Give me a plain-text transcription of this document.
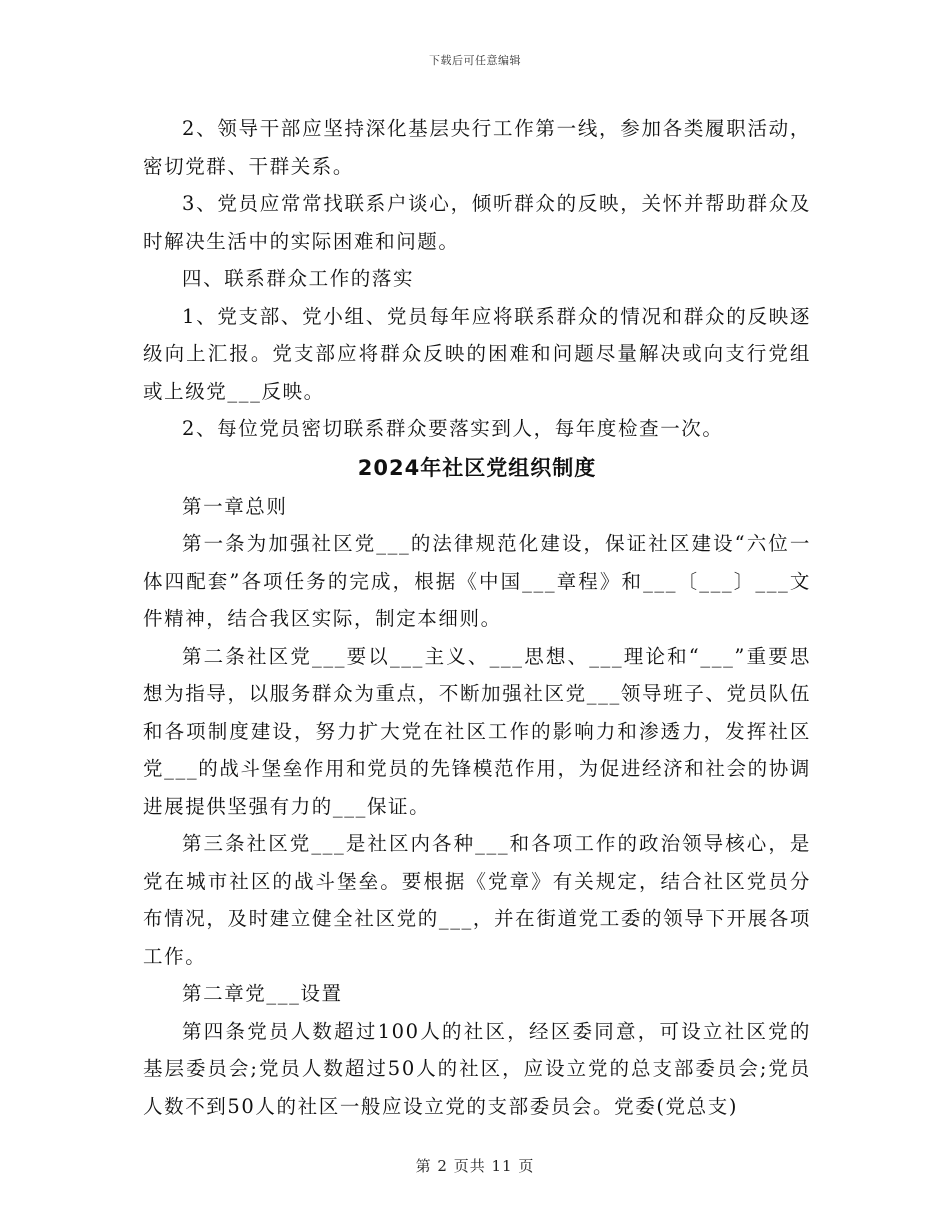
下载后可任意编辑

2、领导干部应坚持深化基层央行工作第一线，参加各类履职活动，密切党群、干群关系。

3、党员应常常找联系户谈心，倾听群众的反映，关怀并帮助群众及时解决生活中的实际困难和问题。

四、联系群众工作的落实

1、党支部、党小组、党员每年应将联系群众的情况和群众的反映逐级向上汇报。党支部应将群众反映的困难和问题尽量解决或向支行党组或上级党___反映。

2、每位党员密切联系群众要落实到人，每年度检查一次。

2024年社区党组织制度

第一章总则

第一条为加强社区党___的法律规范化建设，保证社区建设“六位一体四配套”各项任务的完成，根据《中国___章程》和___〔___〕___文件精神，结合我区实际，制定本细则。

第二条社区党___要以___主义、___思想、___理论和“___”重要思想为指导，以服务群众为重点，不断加强社区党___领导班子、党员队伍和各项制度建设，努力扩大党在社区工作的影响力和渗透力，发挥社区党___的战斗堡垒作用和党员的先锋模范作用，为促进经济和社会的协调进展提供坚强有力的___保证。

第三条社区党___是社区内各种___和各项工作的政治领导核心，是党在城市社区的战斗堡垒。要根据《党章》有关规定，结合社区党员分布情况，及时建立健全社区党的___，并在街道党工委的领导下开展各项工作。

第二章党___设置

第四条党员人数超过100人的社区，经区委同意，可设立社区党的基层委员会;党员人数超过50人的社区，应设立党的总支部委员会;党员人数不到50人的社区一般应设立党的支部委员会。党委(党总支)

第 2 页共 11 页
